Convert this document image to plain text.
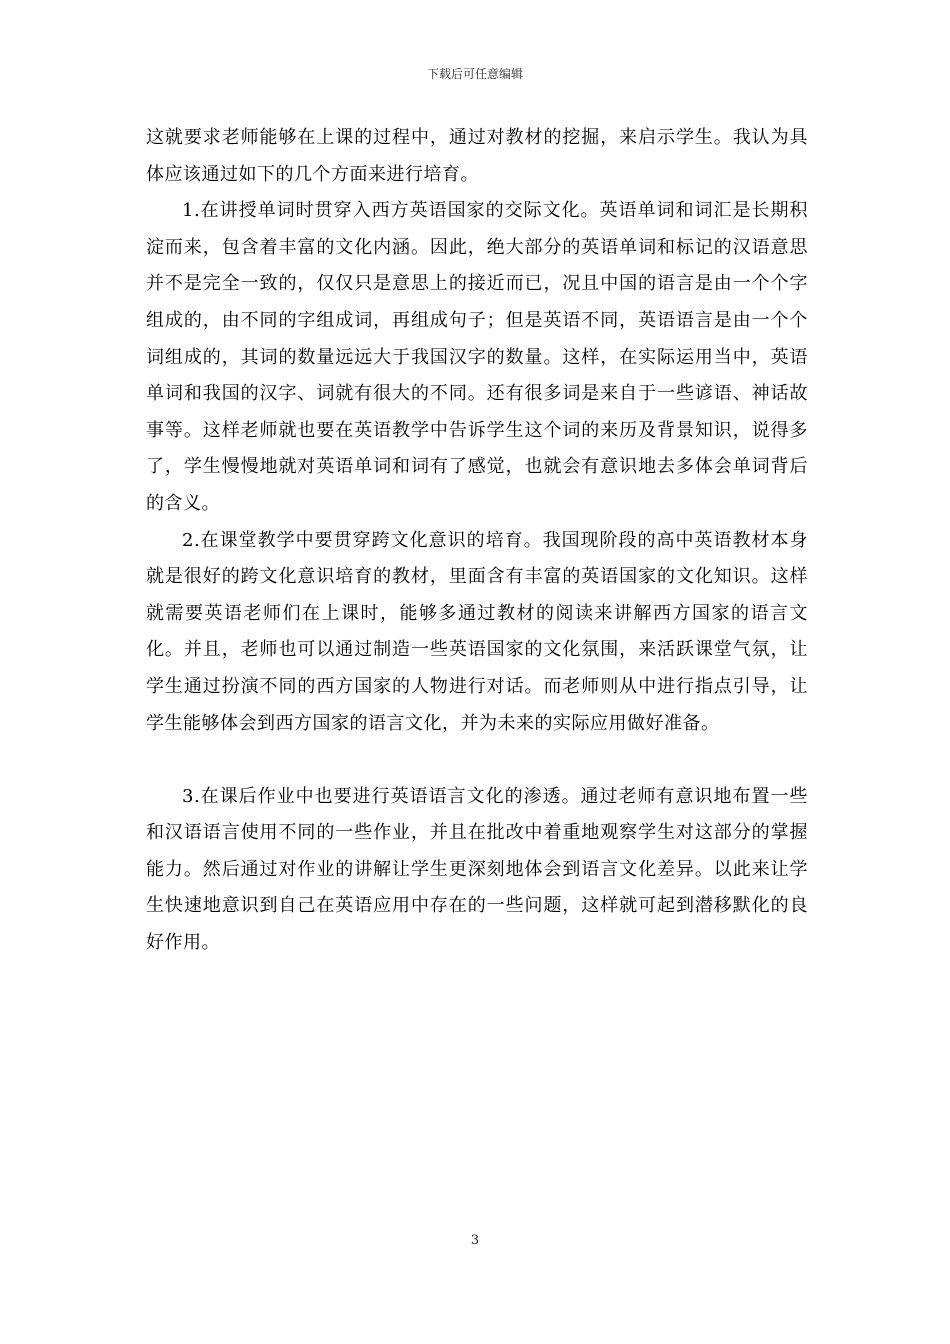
下载后可任意编辑

这就要求老师能够在上课的过程中，通过对教材的挖掘，来启示学生。我认为具体应该通过如下的几个方面来进行培育。

1.在讲授单词时贯穿入西方英语国家的交际文化。英语单词和词汇是长期积淀而来，包含着丰富的文化内涵。因此，绝大部分的英语单词和标记的汉语意思并不是完全一致的，仅仅只是意思上的接近而已，况且中国的语言是由一个个字组成的，由不同的字组成词，再组成句子；但是英语不同，英语语言是由一个个词组成的，其词的数量远远大于我国汉字的数量。这样，在实际运用当中，英语单词和我国的汉字、词就有很大的不同。还有很多词是来自于一些谚语、神话故事等。这样老师就也要在英语教学中告诉学生这个词的来历及背景知识，说得多了，学生慢慢地就对英语单词和词有了感觉，也就会有意识地去多体会单词背后的含义。

2.在课堂教学中要贯穿跨文化意识的培育。我国现阶段的高中英语教材本身就是很好的跨文化意识培育的教材，里面含有丰富的英语国家的文化知识。这样就需要英语老师们在上课时，能够多通过教材的阅读来讲解西方国家的语言文化。并且，老师也可以通过制造一些英语国家的文化氛围，来活跃课堂气氛，让学生通过扮演不同的西方国家的人物进行对话。而老师则从中进行指点引导，让学生能够体会到西方国家的语言文化，并为未来的实际应用做好准备。

3.在课后作业中也要进行英语语言文化的渗透。通过老师有意识地布置一些和汉语语言使用不同的一些作业，并且在批改中着重地观察学生对这部分的掌握能力。然后通过对作业的讲解让学生更深刻地体会到语言文化差异。以此来让学生快速地意识到自己在英语应用中存在的一些问题，这样就可起到潜移默化的良好作用。

3
